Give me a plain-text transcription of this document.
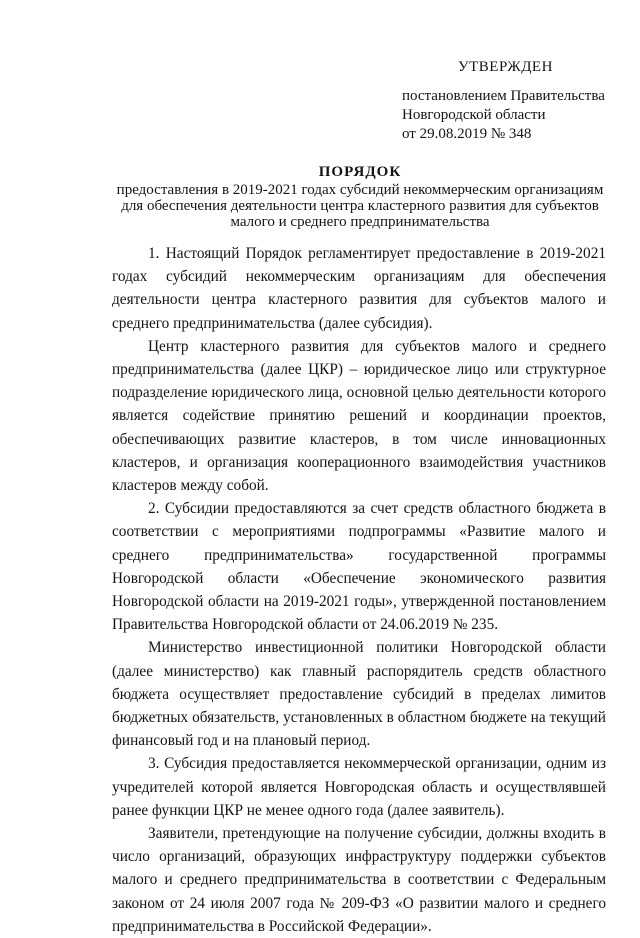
УТВЕРЖДЕН
постановлением Правительства
Новгородской области
от 29.08.2019 № 348
ПОРЯДОК
предоставления в 2019-2021 годах субсидий некоммерческим организациям
для обеспечения деятельности центра кластерного развития для субъектов
малого и среднего предпринимательства

1. Настоящий Порядок регламентирует предоставление в 2019-2021 годах субсидий некоммерческим организациям для обеспечения деятельности центра кластерного развития для субъектов малого и среднего предпринимательства (далее субсидия).

Центр кластерного развития для субъектов малого и среднего предпринимательства (далее ЦКР) – юридическое лицо или структурное подразделение юридического лица, основной целью деятельности которого является содействие принятию решений и координации проектов, обеспечивающих развитие кластеров, в том числе инновационных кластеров, и организация кооперационного взаимодействия участников кластеров между собой.

2. Субсидии предоставляются за счет средств областного бюджета в соответствии с мероприятиями подпрограммы «Развитие малого и среднего предпринимательства» государственной программы Новгородской области «Обеспечение экономического развития Новгородской области на 2019-2021 годы», утвержденной постановлением Правительства Новгородской области от 24.06.2019 № 235.

Министерство инвестиционной политики Новгородской области (далее министерство) как главный распорядитель средств областного бюджета осуществляет предоставление субсидий в пределах лимитов бюджетных обязательств, установленных в областном бюджете на текущий финансовый год и на плановый период.

3. Субсидия предоставляется некоммерческой организации, одним из учредителей которой является Новгородская область и осуществлявшей ранее функции ЦКР не менее одного года (далее заявитель).

Заявители, претендующие на получение субсидии, должны входить в число организаций, образующих инфраструктуру поддержки субъектов малого и среднего предпринимательства в соответствии с Федеральным законом от 24 июля 2007 года № 209-ФЗ «О развитии малого и среднего предпринимательства в Российской Федерации».
